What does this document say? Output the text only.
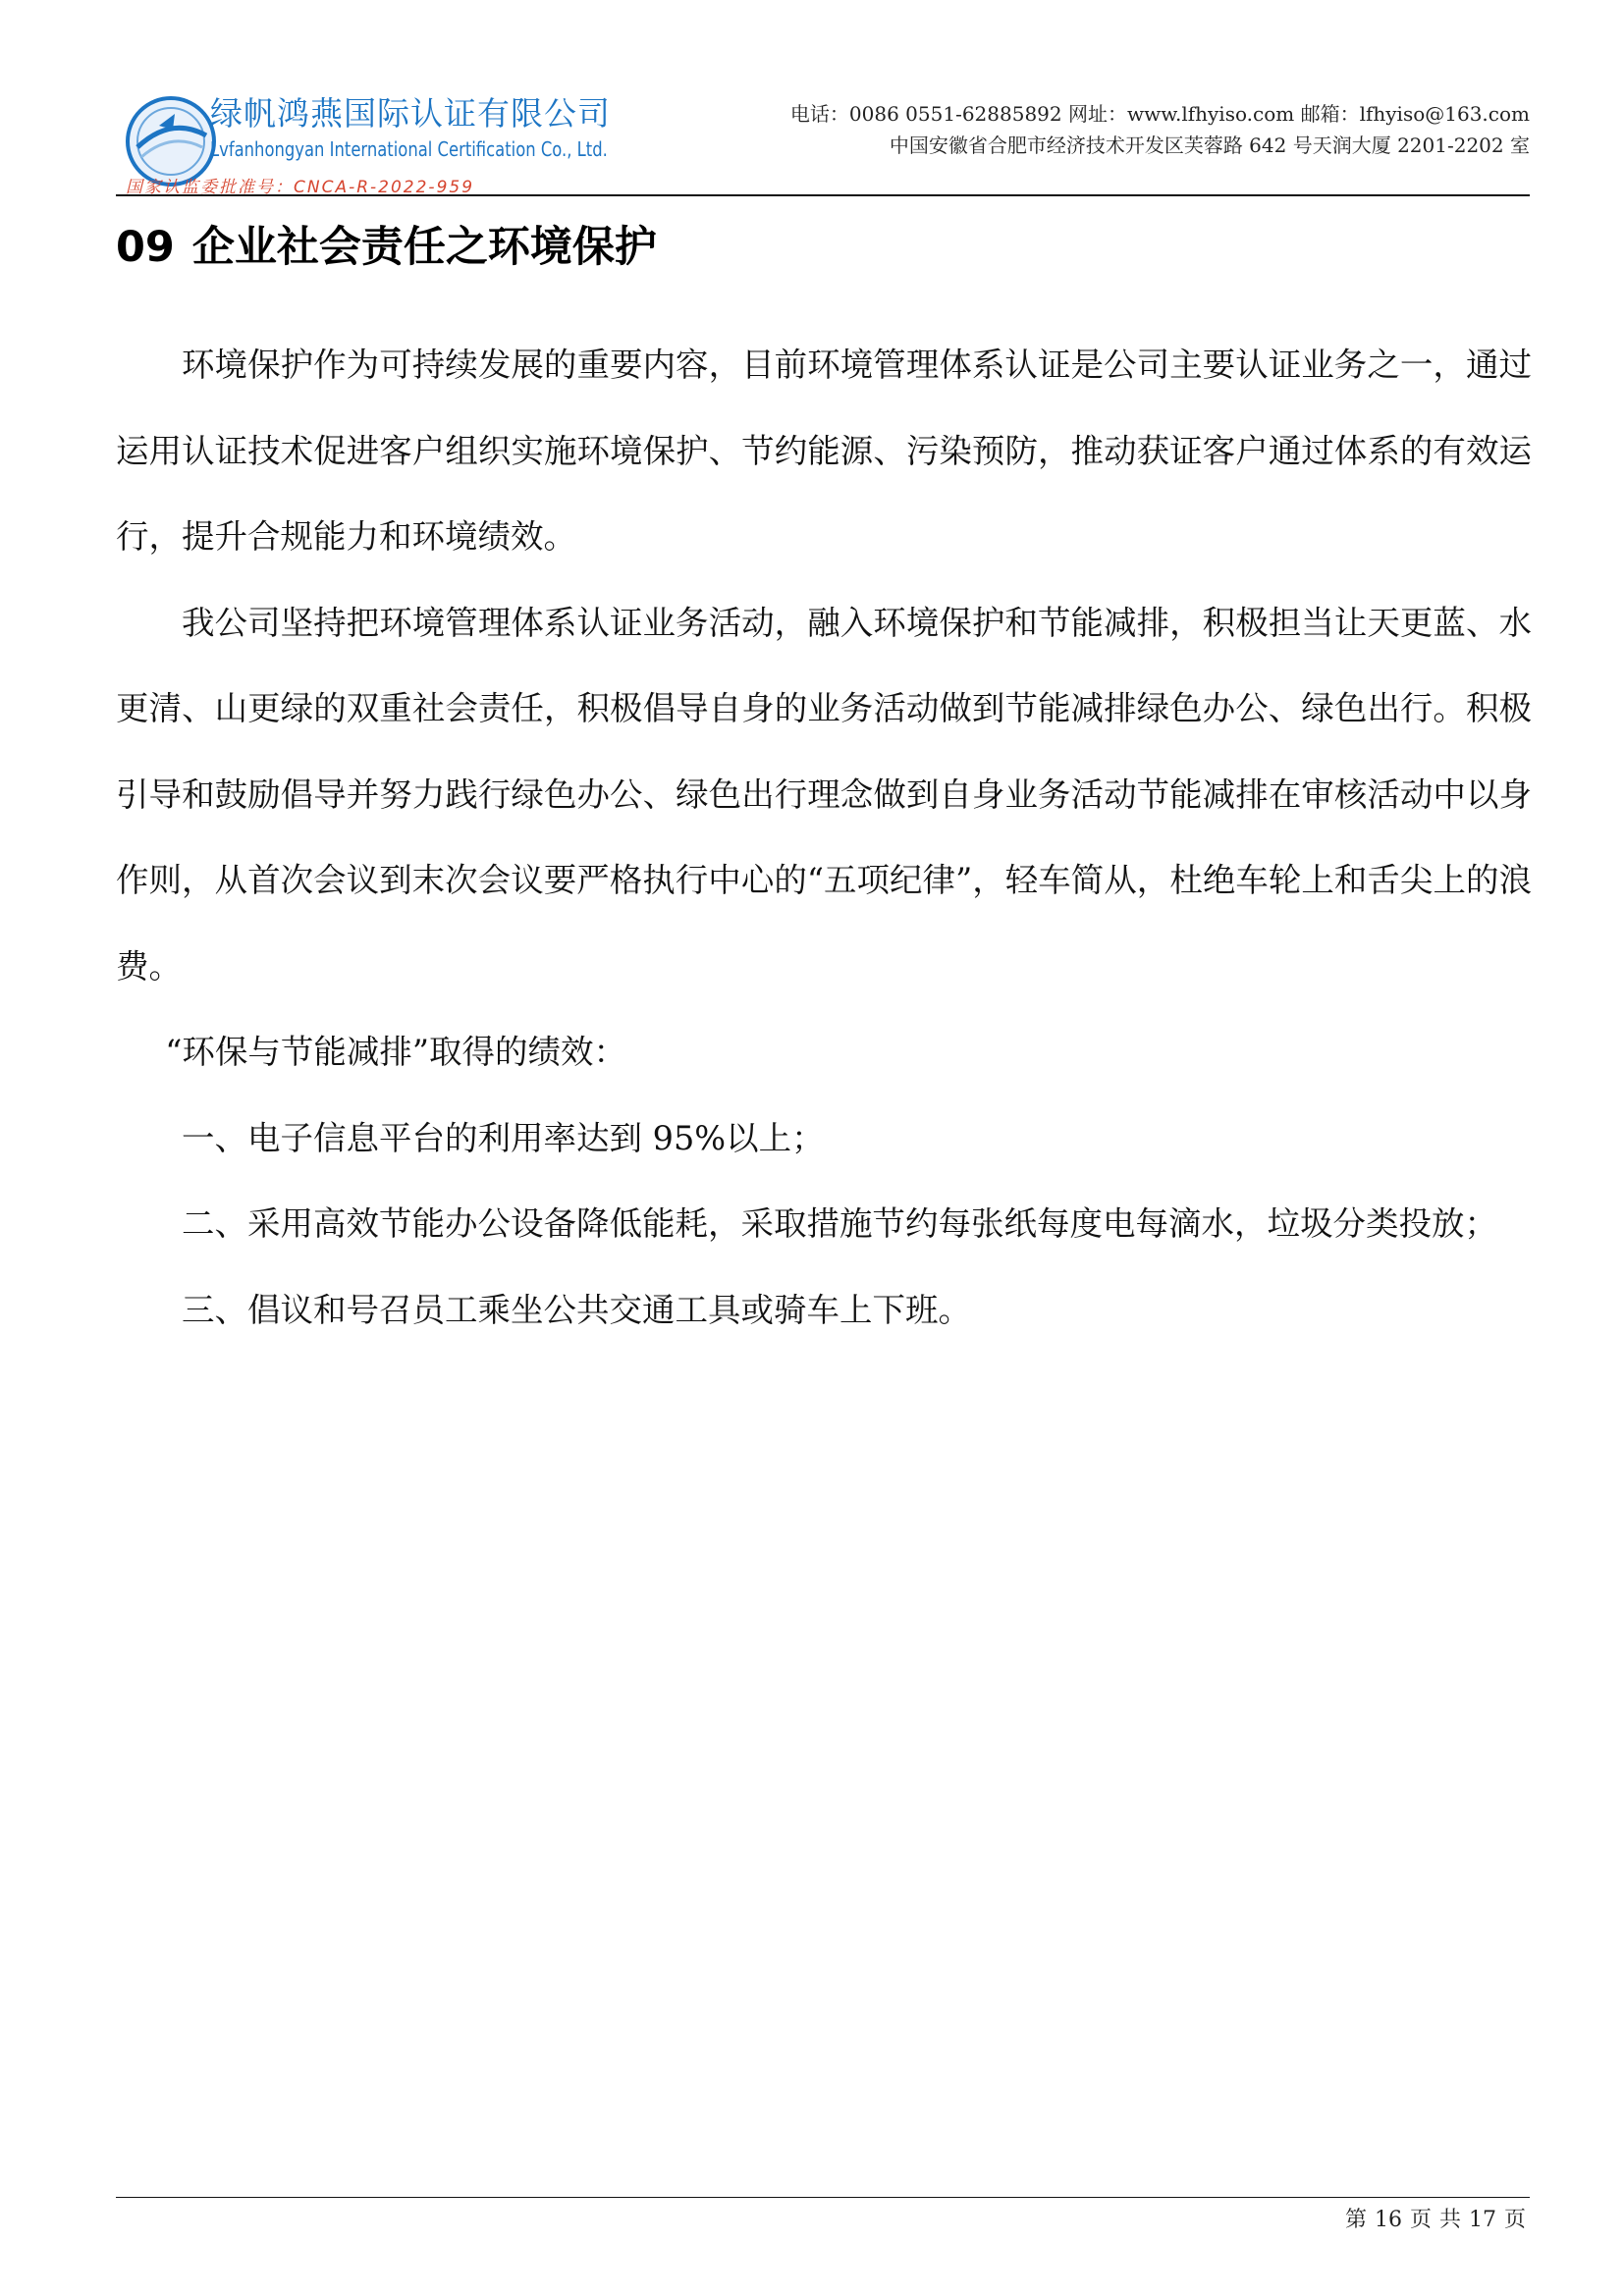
绿帆鸿燕国际认证有限公司
Lvfanhongyan International Certification Co., Ltd.
国家认监委批准号：CNCA-R-2022-959
电话：0086 0551-62885892 网址：www.lfhyiso.com 邮箱：lfhyiso@163.com
中国安徽省合肥市经济技术开发区芙蓉路 642 号天润大厦 2201-2202 室
09 企业社会责任之环境保护

环境保护作为可持续发展的重要内容，目前环境管理体系认证是公司主要认证业务之一，通过运用认证技术促进客户组织实施环境保护、节约能源、污染预防，推动获证客户通过体系的有效运行，提升合规能力和环境绩效。

我公司坚持把环境管理体系认证业务活动，融入环境保护和节能减排，积极担当让天更蓝、水更清、山更绿的双重社会责任，积极倡导自身的业务活动做到节能减排绿色办公、绿色出行。积极引导和鼓励倡导并努力践行绿色办公、绿色出行理念做到自身业务活动节能减排在审核活动中以身作则，从首次会议到末次会议要严格执行中心的“五项纪律”，轻车简从，杜绝车轮上和舌尖上的浪费。

“环保与节能减排”取得的绩效：

一、电子信息平台的利用率达到 95%以上；

二、采用高效节能办公设备降低能耗，采取措施节约每张纸每度电每滴水，垃圾分类投放；

三、倡议和号召员工乘坐公共交通工具或骑车上下班。

第 16 页 共 17 页
